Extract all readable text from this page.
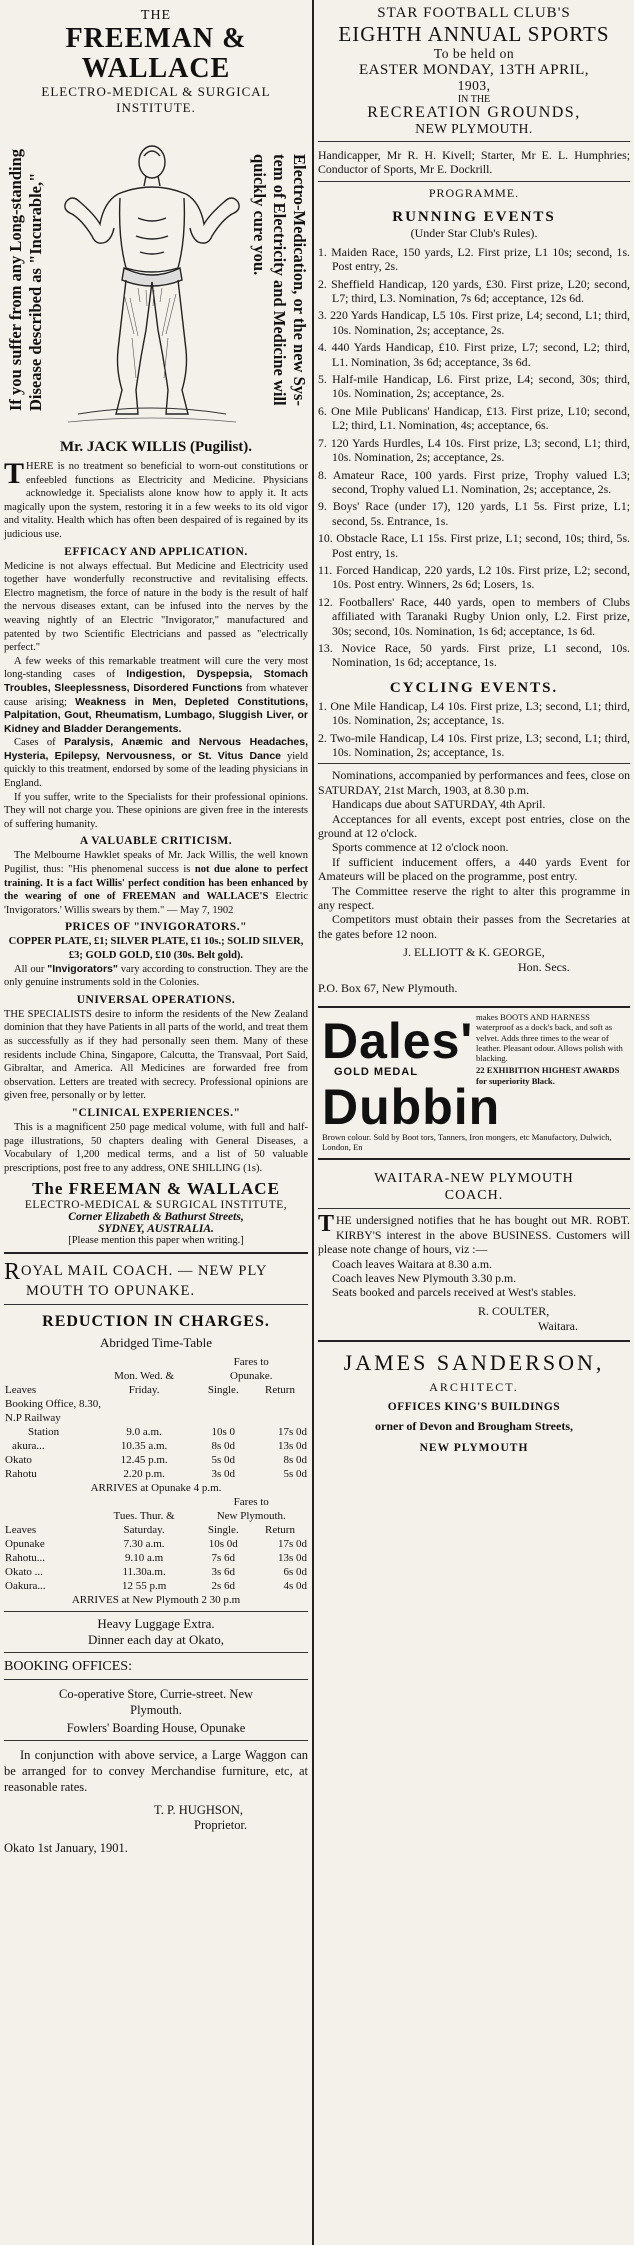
THE
FREEMAN & WALLACE
ELECTRO-MEDICAL & SURGICAL INSTITUTE.
If you suffer from any Long-standing Disease described as "Incurable,"	Electro-Medication, or the new Sys-
tem of Electricity and Medicine will
quickly cure you.
Mr. JACK WILLIS (Pugilist).
THERE is no treatment so beneficial to worn-out constitutions or enfeebled functions as Electricity and Medicine. Physicians acknowledge it. Specialists alone know how to apply it. It acts magically upon the system, restoring it in a few weeks to its old vigor and vitality. Health which has often been despaired of is regained by its judicious use.
EFFICACY AND APPLICATION.

Medicine is not always effectual. But Medicine and Electricity used together have wonderfully reconstructive and revitalising effects. Electro magnetism, the force of nature in the body is the result of half the nervous diseases extant, can be infused into the nerves by the weaving nightly of an Electric "Invigorator," manufactured and patented by two Scientific Electricians and passed as "electrically perfect."

A few weeks of this remarkable treatment will cure the very most long-standing cases of Indigestion, Dyspepsia, Stomach Troubles, Sleeplessness, Disordered Functions from whatever cause arising; Weakness in Men, Depleted Constitutions, Palpitation, Gout, Rheumatism, Lumbago, Sluggish Liver, or Kidney and Bladder Derangements.

Cases of Paralysis, Anæmic and Nervous Headaches, Hysteria, Epilepsy, Nervousness, or St. Vitus Dance yield quickly to this treatment, endorsed by some of the leading physicians in England.

If you suffer, write to the Specialists for their professional opinions. They will not charge you. These opinions are given free in the interests of suffering humanity.

A VALUABLE CRITICISM.

The Melbourne Hawklet speaks of Mr. Jack Willis, the well known Pugilist, thus: "His phenomenal success is not due alone to perfect training. It is a fact Willis' perfect condition has been enhanced by the wearing of one of FREEMAN and WALLACE'S Electric 'Invigorators.' Willis swears by them." — May 7, 1902

PRICES OF "INVIGORATORS."

COPPER PLATE, £1; SILVER PLATE, £1 10s.; SOLID SILVER, £3; GOLD GOLD, £10 (30s. Belt gold).

All our "Invigorators" vary according to construction. They are the only genuine instruments sold in the Colonies.

UNIVERSAL OPERATIONS.

THE SPECIALISTS desire to inform the residents of the New Zealand dominion that they have Patients in all parts of the world, and treat them as successfully as if they had personally seen them. Many of these residents include China, Singapore, Calcutta, the Transvaal, Port Said, Gibraltar, and America. All Medicines are forwarded free from observation. Letters are treated with secrecy. Professional opinions are given free, personally or by letter.

"CLINICAL EXPERIENCES."

This is a magnificent 250 page medical volume, with full and half-page illustrations, 50 chapters dealing with General Diseases, a Vocabulary of 1,200 medical terms, and a list of 50 valuable prescriptions, post free to any address, ONE SHILLING (1s).

The FREEMAN & WALLACE
ELECTRO-MEDICAL & SURGICAL INSTITUTE,
Corner Elizabeth & Bathurst Streets,
SYDNEY, AUSTRALIA.
[Please mention this paper when writing.]
ROYAL MAIL COACH. — NEW PLY
MOUTH TO OPUNAKE.
REDUCTION IN CHARGES.
Abridged Time-Table
		Fares to	
	Mon. Wed. &	Opunake.	
Leaves	Friday.	Single.	Return
Booking Office, 8.30,			
N.P Railway			
Station	9.0 a.m.	10s 0	17s 0d
akura...	10.35 a.m.	8s 0d	13s 0d
Okato	12.45 p.m.	5s 0d	8s 0d
Rahotu	2.20 p.m.	3s 0d	5s 0d
ARRIVES at Opunake 4 p.m.			
		Fares to	
	Tues. Thur. &	New Plymouth.	
Leaves	Saturday.	Single.	Return
Opunake	7.30 a.m.	10s 0d	17s 0d
Rahotu...	9.10 a.m	7s 6d	13s 0d
Okato ...	11.30a.m.	3s 6d	6s 0d
Oakura...	12 55 p.m	2s 6d	4s 0d
ARRIVES at New Plymouth 2 30 p.m			
Heavy Luggage Extra.
Dinner each day at Okato,
BOOKING OFFICES:

Co-operative Store, Currie-street. New Plymouth.

Fowlers' Boarding House, Opunake

In conjunction with above service, a Large Waggon can be arranged for to convey Merchandise furniture, etc, at reasonable rates.

T. P. HUGHSON,
Proprietor.
Okato 1st January, 1901.
STAR FOOTBALL CLUB'S
EIGHTH ANNUAL SPORTS
To be held on
EASTER MONDAY, 13TH APRIL,
1903,
IN THE
RECREATION GROUNDS,
NEW PLYMOUTH.

Handicapper, Mr R. H. Kivell; Starter, Mr E. L. Humphries; Conductor of Sports, Mr E. Dockrill.

PROGRAMME.
RUNNING EVENTS
(Under Star Club's Rules).

1. Maiden Race, 150 yards, L2. First prize, L1 10s; second, 1s. Post entry, 2s.

2. Sheffield Handicap, 120 yards, £30. First prize, L20; second, L7; third, L3. Nomination, 7s 6d; acceptance, 12s 6d.

3. 220 Yards Handicap, L5 10s. First prize, L4; second, L1; third, 10s. Nomination, 2s; acceptance, 2s.

4. 440 Yards Handicap, £10. First prize, L7; second, L2; third, L1. Nomination, 3s 6d; acceptance, 3s 6d.

5. Half-mile Handicap, L6. First prize, L4; second, 30s; third, 10s. Nomination, 2s; acceptance, 2s.

6. One Mile Publicans' Handicap, £13. First prize, L10; second, L2; third, L1. Nomination, 4s; acceptance, 6s.

7. 120 Yards Hurdles, L4 10s. First prize, L3; second, L1; third, 10s. Nomination, 2s; acceptance, 2s.

8. Amateur Race, 100 yards. First prize, Trophy valued L3; second, Trophy valued L1. Nomination, 2s; acceptance, 2s.

9. Boys' Race (under 17), 120 yards, L1 5s. First prize, L1; second, 5s. Entrance, 1s.

10. Obstacle Race, L1 15s. First prize, L1; second, 10s; third, 5s. Post entry, 1s.

11. Forced Handicap, 220 yards, L2 10s. First prize, L2; second, 10s. Post entry. Winners, 2s 6d; Losers, 1s.

12. Footballers' Race, 440 yards, open to members of Clubs affiliated with Taranaki Rugby Union only, L2. First prize, 30s; second, 10s. Nomination, 1s 6d; acceptance, 1s 6d.

13. Novice Race, 50 yards. First prize, L1 second, 10s. Nomination, 1s 6d; acceptance, 1s.

CYCLING EVENTS.

1. One Mile Handicap, L4 10s. First prize, L3; second, L1; third, 10s. Nomination, 2s; acceptance, 1s.

2. Two-mile Handicap, L4 10s. First prize, L3; second, L1; third, 10s. Nomination, 2s; acceptance, 1s.

Nominations, accompanied by performances and fees, close on SATURDAY, 21st March, 1903, at 8.30 p.m.

Handicaps due about SATURDAY, 4th April.

Acceptances for all events, except post entries, close on the ground at 12 o'clock.

Sports commence at 12 o'clock noon.

If sufficient inducement offers, a 440 yards Event for Amateurs will be placed on the programme, post entry.

The Committee reserve the right to alter this programme in any respect.

Competitors must obtain their passes from the Secretaries at the gates before 12 noon.

J. ELLIOTT & K. GEORGE,
Hon. Secs.
P.O. Box 67, New Plymouth.
Dales'
GOLD MEDAL
Dubbin
makes BOOTS AND HARNESS waterproof as a dock's back, and soft as velvet. Adds three times to the wear of leather. Pleasant odour. Allows polish with blacking.
22 EXHIBITION HIGHEST AWARDS for superiority Black.
Brown colour. Sold by Boot tors, Tanners, Iron mongers, etc Manufactory, Dulwich, London, En
WAITARA-NEW PLYMOUTH
COACH.

THE undersigned notifies that he has bought out MR. ROBT. KIRBY'S interest in the above BUSINESS. Customers will please note change of hours, viz :—

Coach leaves Waitara at 8.30 a.m.

Coach leaves New Plymouth 3.30 p.m.

Seats booked and parcels received at West's stables.

R. COULTER,
Waitara.
JAMES SANDERSON,
ARCHITECT.
OFFICES KING'S BUILDINGS
orner of Devon and Brougham Streets,
NEW PLYMOUTH
